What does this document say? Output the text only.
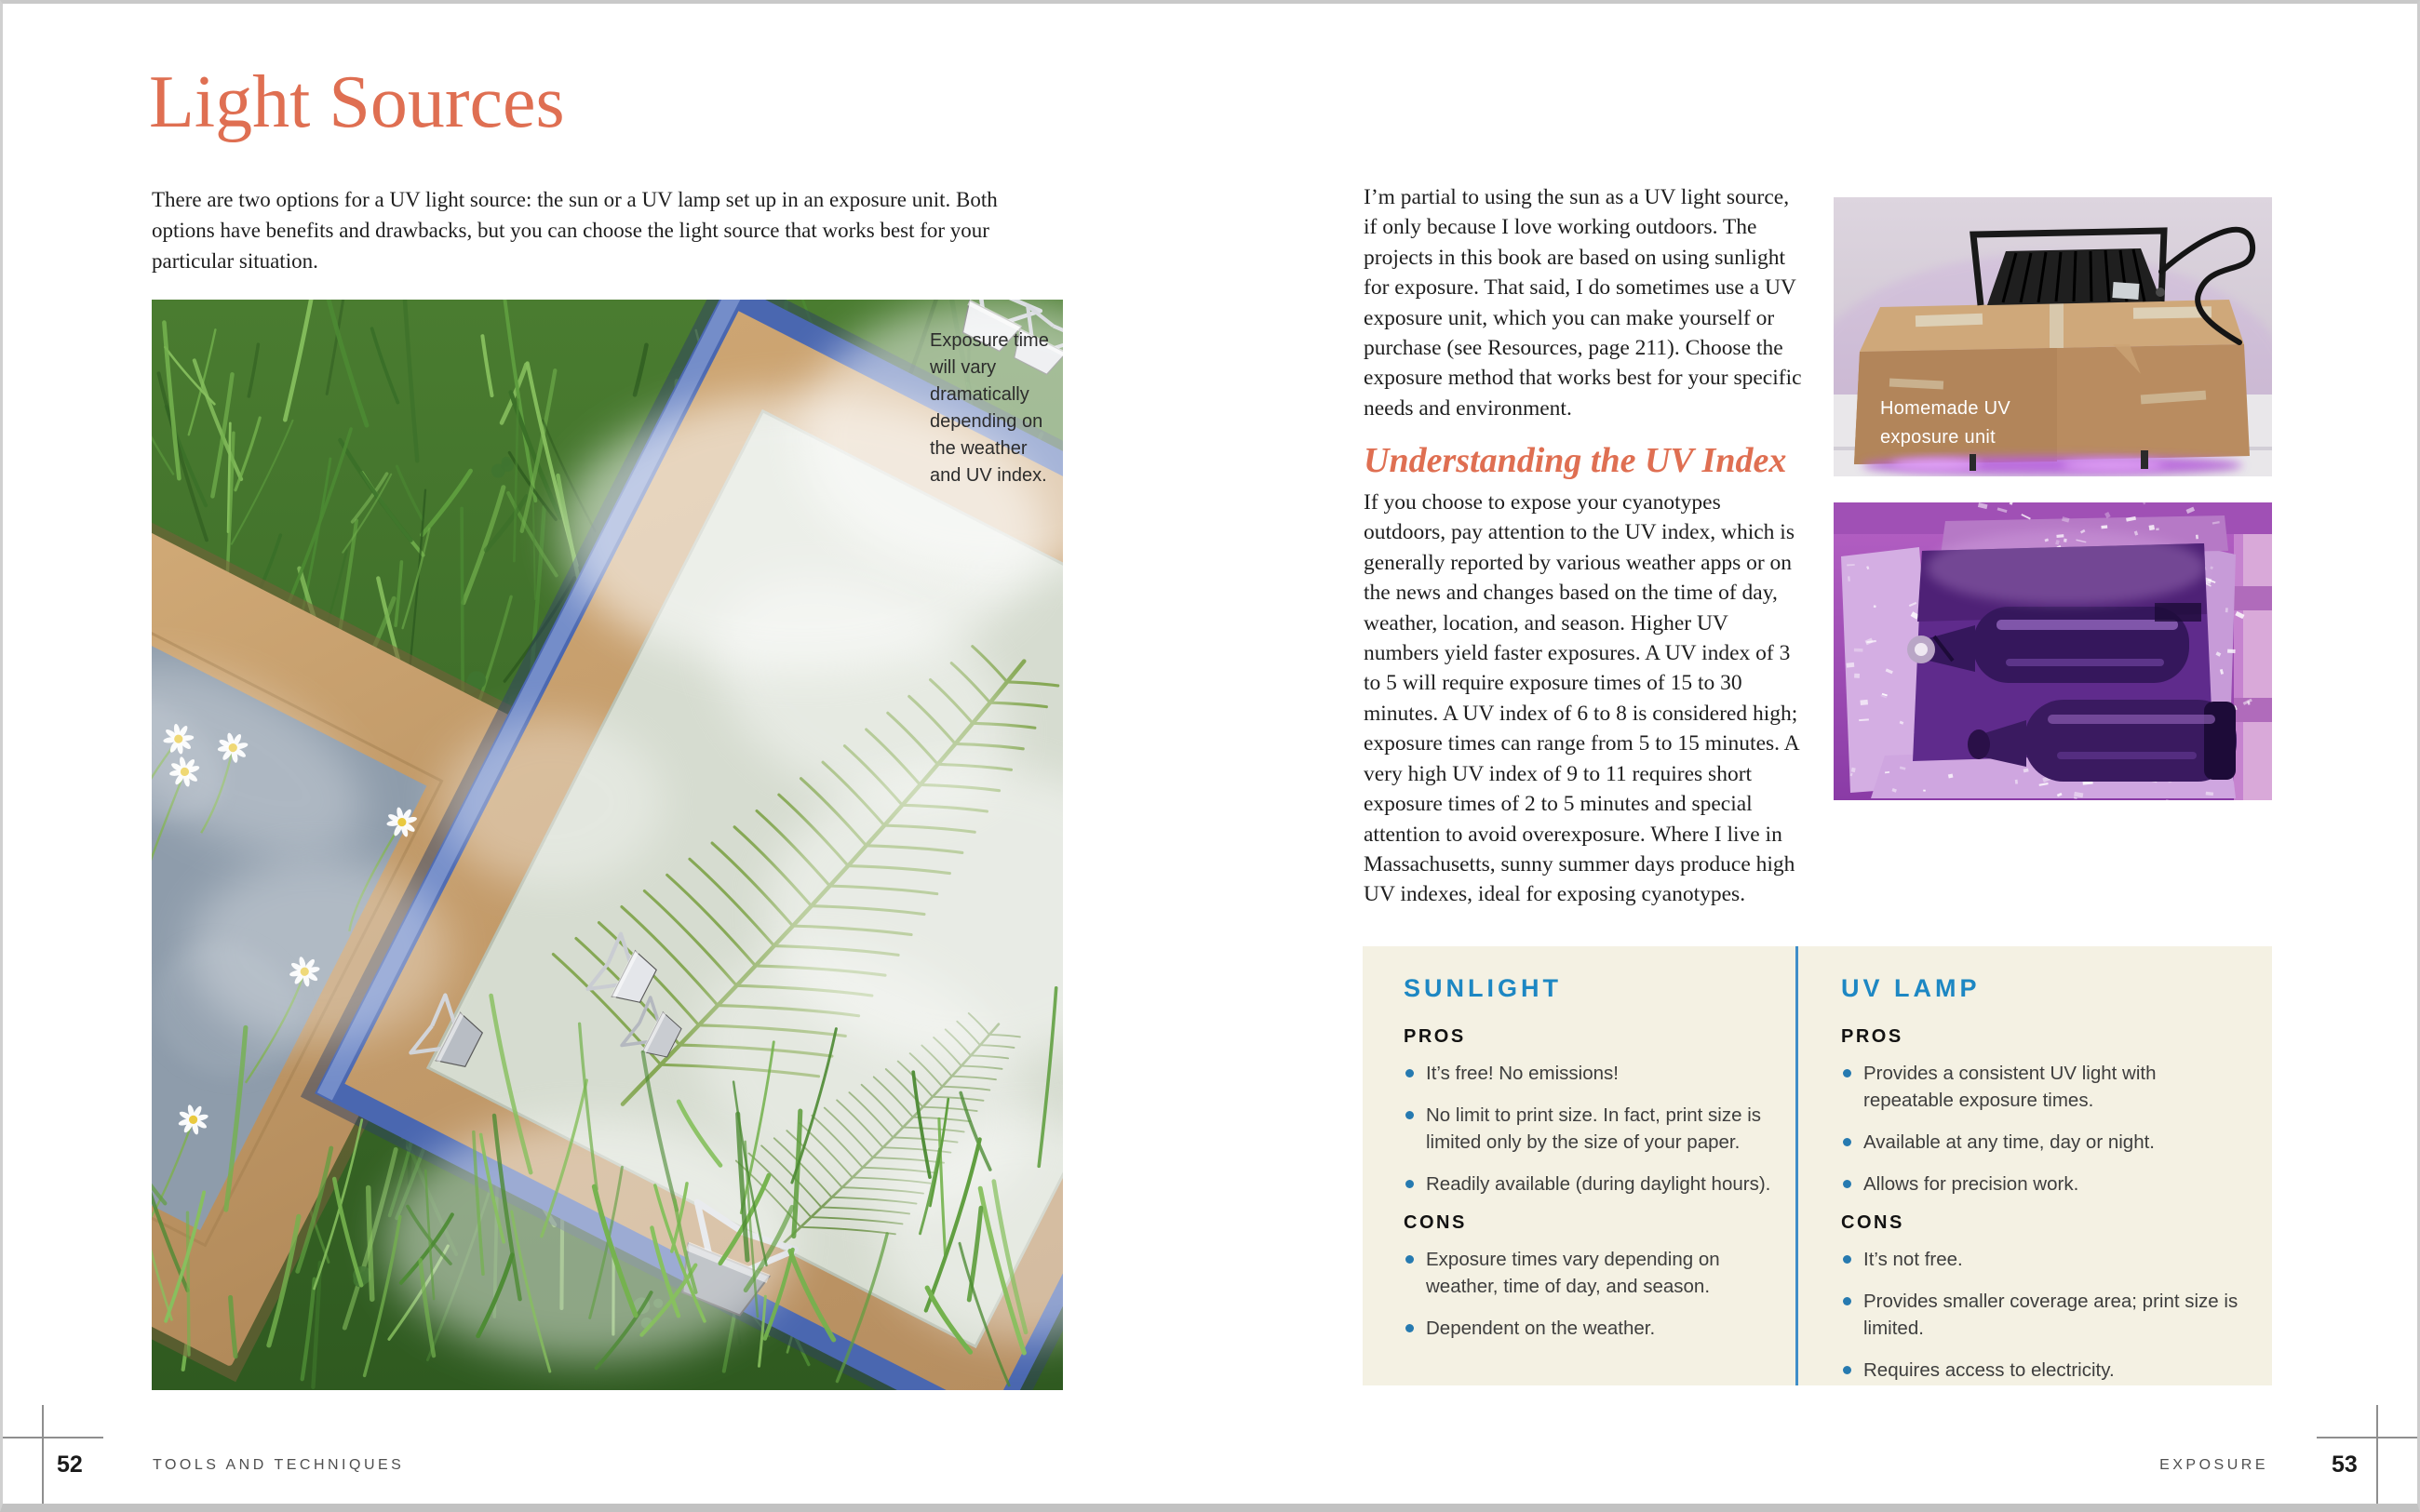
Light Sources

There are two options for a UV light source: the sun or a UV lamp set up in an exposure unit. Both options have benefits and drawbacks, but you can choose the light source that works best for your particular situation.

Exposure time will vary dramatically depending on the weather and UV index.
52	TOOLS AND TECHNIQUES

I’m partial to using the sun as a UV light source, if only because I love working outdoors. The projects in this book are based on using sunlight for exposure. That said, I do sometimes use a UV exposure unit, which you can make yourself or purchase (see Resources, page 211). Choose the exposure method that works best for your specific needs and environment.

Understanding the UV Index

If you choose to expose your cyanotypes outdoors, pay attention to the UV index, which is generally reported by various weather apps or on the news and changes based on the time of day, weather, location, and season. Higher UV numbers yield faster exposures. A UV index of 3 to 5 will require exposure times of 15 to 30 minutes. A UV index of 6 to 8 is considered high; exposure times can range from 5 to 15 minutes. A very high UV index of 9 to 11 requires short exposure times of 2 to 5 minutes and special attention to avoid overexposure. Where I live in Massachusetts, sunny summer days produce high UV indexes, ideal for exposing cyanotypes.

Homemade UV exposure unit
SUNLIGHT
PROS
It’s free! No emissions!
No limit to print size. In fact, print size is limited only by the size of your paper.
Readily available (during daylight hours).
CONS
Exposure times vary depending on weather, time of day, and season.
Dependent on the weather.
UV LAMP
PROS
Provides a consistent UV light with repeatable exposure times.
Available at any time, day or night.
Allows for precision work.
CONS
It’s not free.
Provides smaller coverage area; print size is limited.
Requires access to electricity.
EXPOSURE	53
